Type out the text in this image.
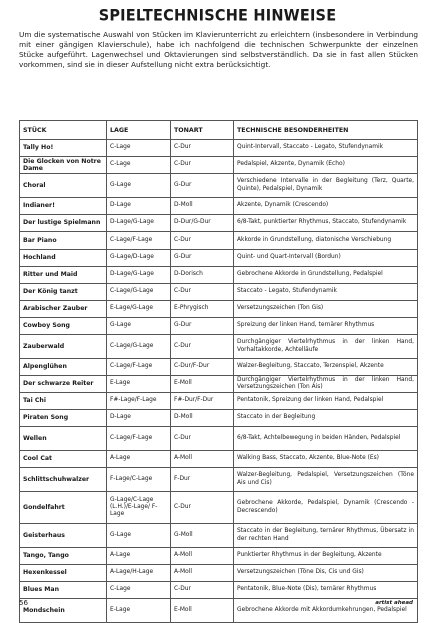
SPIELTECHNISCHE HINWEISE

Um die systematische Auswahl von Stücken im Klavierunterricht zu erleichtern (insbesondere in Verbindung mit einer gängigen Klavierschule), habe ich nachfolgend die technischen Schwerpunkte der einzelnen Stücke aufgeführt. Lagenwechsel und Oktavierungen sind selbstverständlich. Da sie in fast allen Stücken vorkommen, sind sie in dieser Aufstellung nicht extra berücksichtigt.

STÜCK	LAGE	TONART	TECHNISCHE BESONDERHEITEN
Tally Ho!	C-Lage	C-Dur	Quint-Intervall, Staccato - Legato, Stufendynamik
Die Glocken von Notre Dame	C-Lage	C-Dur	Pedalspiel, Akzente, Dynamik (Echo)
Choral	G-Lage	G-Dur	Verschiedene Intervalle in der Begleitung (Terz, Quarte, Quinte), Pedalspiel, Dynamik
Indianer!	D-Lage	D-Moll	Akzente, Dynamik (Crescendo)
Der lustige Spielmann	D-Lage/G-Lage	D-Dur/G-Dur	6/8-Takt, punktierter Rhythmus, Staccato, Stufendynamik
Bar Piano	C-Lage/F-Lage	C-Dur	Akkorde in Grundstellung, diatonische Verschiebung
Hochland	G-Lage/D-Lage	G-Dur	Quint- und Quart-Intervall (Bordun)
Ritter und Maid	D-Lage/G-Lage	D-Dorisch	Gebrochene Akkorde in Grundstellung, Pedalspiel
Der König tanzt	C-Lage/G-Lage	C-Dur	Staccato - Legato, Stufendynamik
Arabischer Zauber	E-Lage/G-Lage	E-Phrygisch	Versetzungszeichen (Ton Gis)
Cowboy Song	G-Lage	G-Dur	Spreizung der linken Hand, ternärer Rhythmus
Zauberwald	C-Lage/G-Lage	C-Dur	Durchgängiger Viertelrhythmus in der linken Hand, Vorhaltakkorde, Achtelläufe
Alpenglühen	C-Lage/F-Lage	C-Dur/F-Dur	Walzer-Begleitung, Staccato, Terzenspiel, Akzente
Der schwarze Reiter	E-Lage	E-Moll	Durchgängiger Viertelrhythmus in der linken Hand, Versetzungszeichen (Ton Ais)
Tai Chi	F#-Lage/F-Lage	F#-Dur/F-Dur	Pentatonik, Spreizung der linken Hand, Pedalspiel
Piraten Song	D-Lage	D-Moll	Staccato in der Begleitung
Wellen	C-Lage/F-Lage	C-Dur	6/8-Takt, Achtelbewegung in beiden Händen, Pedalspiel
Cool Cat	A-Lage	A-Moll	Walking Bass, Staccato, Akzente, Blue-Note (Es)
Schlittschuhwalzer	F-Lage/C-Lage	F-Dur	Walzer-Begleitung, Pedalspiel, Versetzungszeichen (Töne Ais und Cis)
Gondelfahrt	G-Lage/C-Lage (L.H.)/E-Lage/ F-Lage	C-Dur	Gebrochene Akkorde, Pedalspiel, Dynamik (Crescendo - Decrescendo)
Geisterhaus	G-Lage	G-Moll	Staccato in der Begleitung, ternärer Rhythmus, Übersatz in der rechten Hand
Tango, Tango	A-Lage	A-Moll	Punktierter Rhythmus in der Begleitung, Akzente
Hexenkessel	A-Lage/H-Lage	A-Moll	Versetzungszeichen (Töne Dis, Cis und Gis)
Blues Man	C-Lage	C-Dur	Pentatonik, Blue-Note (Dis), ternärer Rhythmus
Mondschein	E-Lage	E-Moll	Gebrochene Akkorde mit Akkordumkehrungen, Pedalspiel
56	artist ahead
